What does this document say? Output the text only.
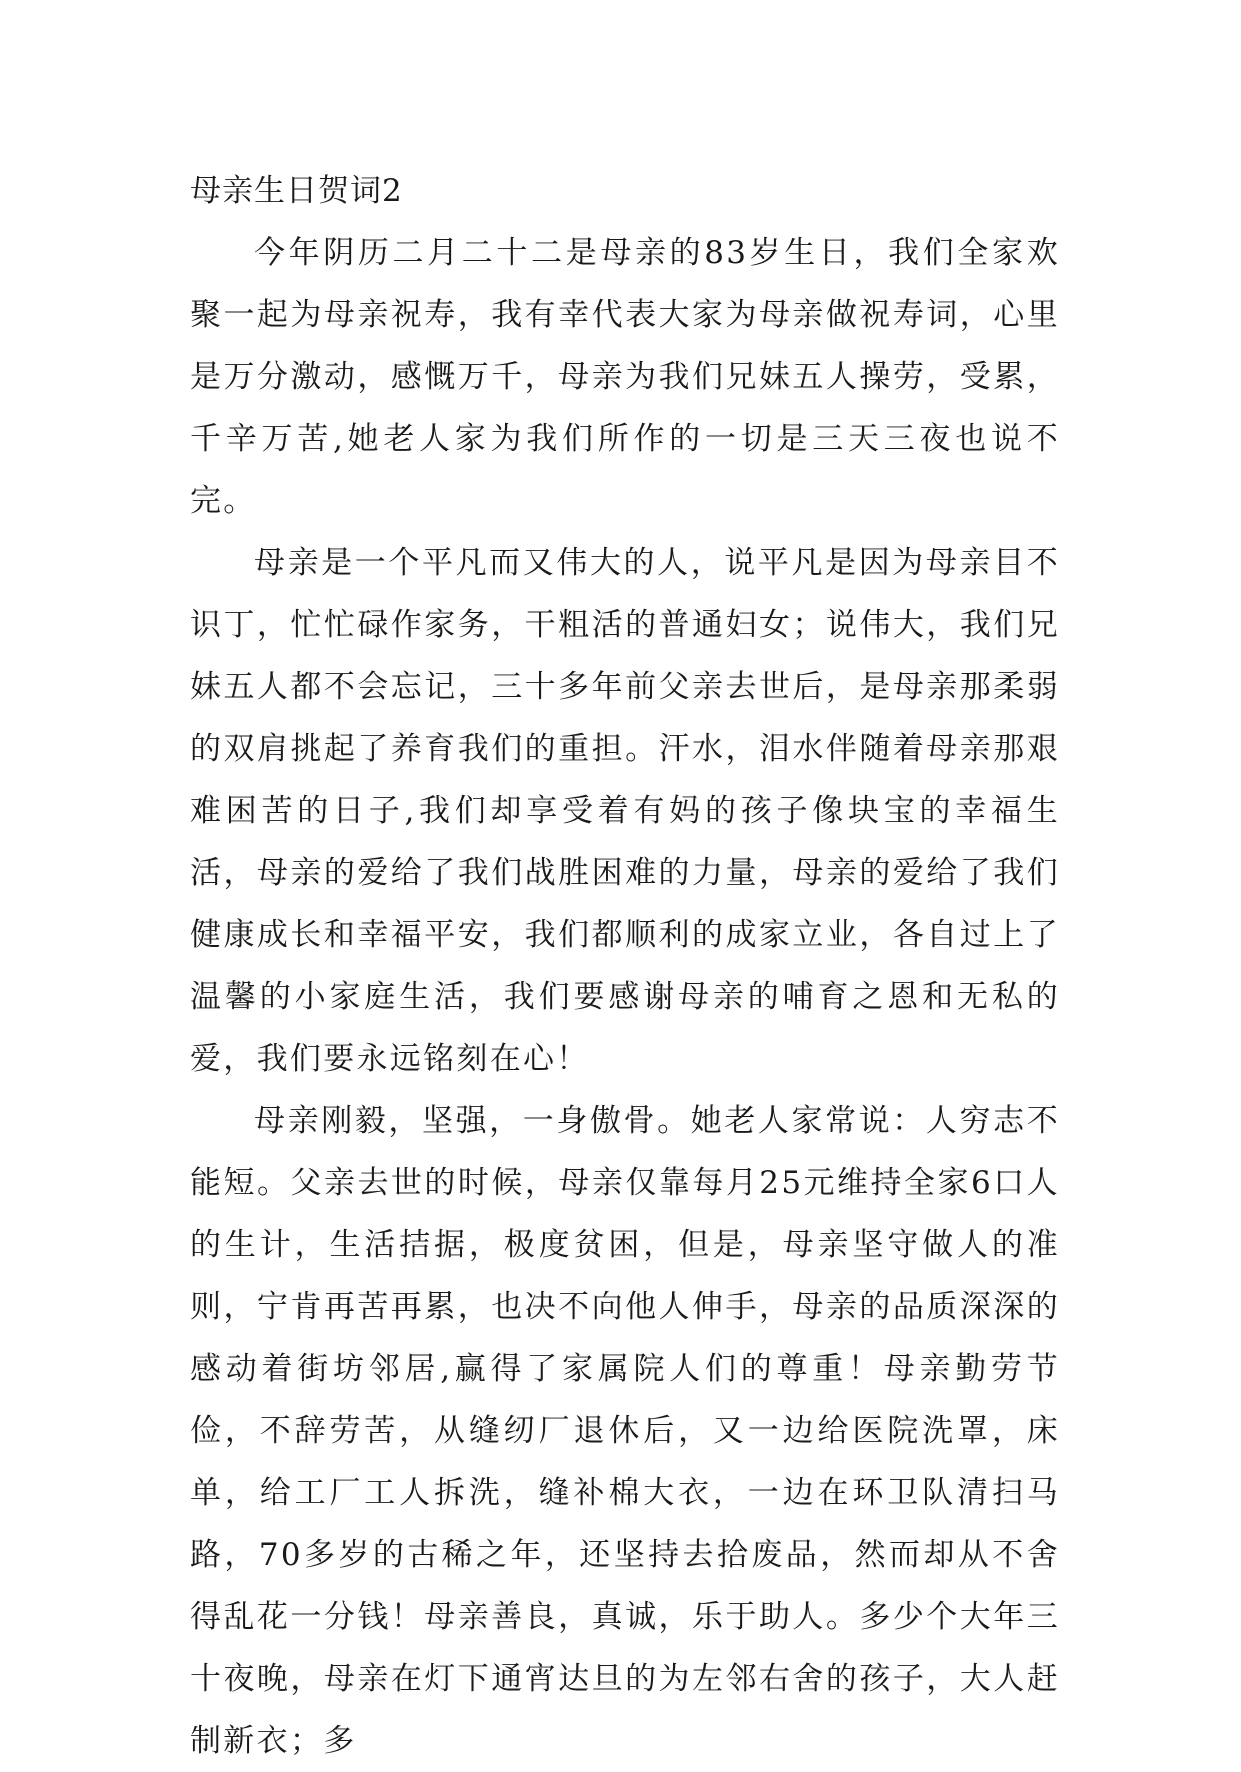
母亲生日贺词2

今年阴历二月二十二是母亲的83岁生日，我们全家欢聚一起为母亲祝寿，我有幸代表大家为母亲做祝寿词，心里是万分激动，感慨万千，母亲为我们兄妹五人操劳，受累，千辛万苦,她老人家为我们所作的一切是三天三夜也说不完。

母亲是一个平凡而又伟大的人，说平凡是因为母亲目不识丁，忙忙碌作家务，干粗活的普通妇女；说伟大，我们兄妹五人都不会忘记，三十多年前父亲去世后，是母亲那柔弱的双肩挑起了养育我们的重担。汗水，泪水伴随着母亲那艰难困苦的日子,我们却享受着有妈的孩子像块宝的幸福生活，母亲的爱给了我们战胜困难的力量，母亲的爱给了我们健康成长和幸福平安，我们都顺利的成家立业，各自过上了温馨的小家庭生活，我们要感谢母亲的哺育之恩和无私的爱，我们要永远铭刻在心！

母亲刚毅，坚强，一身傲骨。她老人家常说：人穷志不能短。父亲去世的时候，母亲仅靠每月25元维持全家6口人的生计，生活拮据，极度贫困，但是，母亲坚守做人的准则，宁肯再苦再累，也决不向他人伸手，母亲的品质深深的感动着街坊邻居,赢得了家属院人们的尊重！母亲勤劳节俭，不辞劳苦，从缝纫厂退休后，又一边给医院洗罩，床单，给工厂工人拆洗，缝补棉大衣，一边在环卫队清扫马路，70多岁的古稀之年，还坚持去拾废品，然而却从不舍得乱花一分钱！母亲善良，真诚，乐于助人。多少个大年三十夜晚，母亲在灯下通宵达旦的为左邻右舍的孩子，大人赶制新衣；多
